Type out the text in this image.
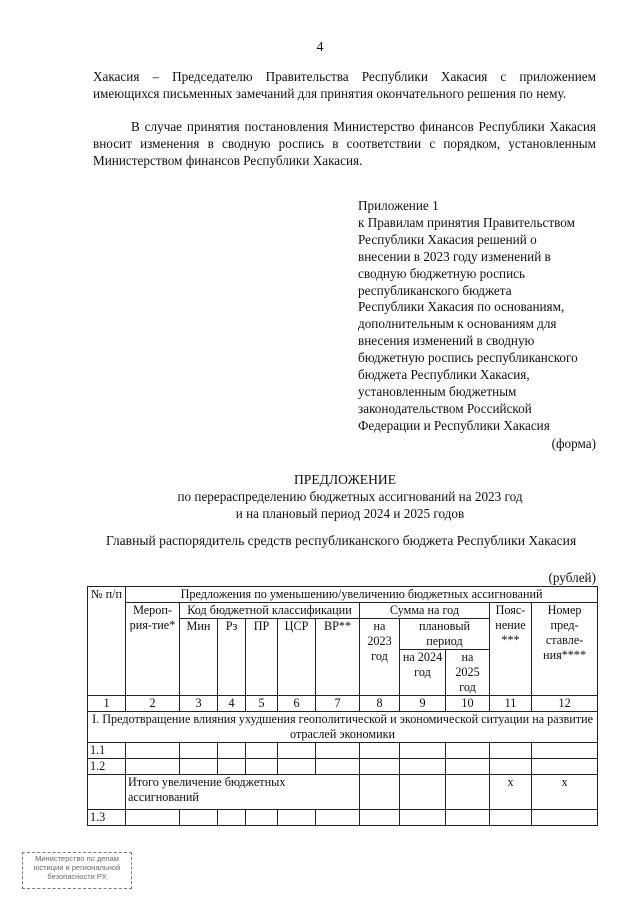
4

Хакасия – Председателю Правительства Республики Хакасия с приложением имеющихся письменных замечаний для принятия окончательного решения по нему.

В случае принятия постановления Министерство финансов Республики Хакасия вносит изменения в сводную роспись в соответствии с порядком, установленным Министерством финансов Республики Хакасия.

Приложение 1
к Правилам принятия Правительством
Республики Хакасия решений о
внесении в 2023 году изменений в
сводную бюджетную роспись
республиканского бюджета
Республики Хакасия по основаниям,
дополнительным к основаниям для
внесения изменений в сводную
бюджетную роспись республиканского
бюджета Республики Хакасия,
установленным бюджетным
законодательством Российской
Федерации и Республики Хакасия
(форма)
ПРЕДЛОЖЕНИЕ
по перераспределению бюджетных ассигнований на 2023 год
и на плановый период 2024 и 2025 годов
Главный распорядитель средств республиканского бюджета Республики Хакасия
(рублей)
№ п/п	Предложения по уменьшению/увеличению бюджетных ассигнований										
	Мероп-рия-тие*	Код бюджетной классификации					Сумма на год			Пояс-нение ***	Номер пред-ставле-ния****
		Мин	Рз	ПР	ЦСР	ВР**	на 2023 год	плановый период			
								на 2024 год	на 2025 год		
1	2	3	4	5	6	7	8	9	10	11	12
I. Предотвращение влияния ухудшения геополитической и экономической ситуации на развитие отраслей экономики											
1.1											
1.2											
	Итого увеличение бюджетных ассигнований									х	х
1.3											
Министерство по делам
юстиции и региональной
безопасности РХ
